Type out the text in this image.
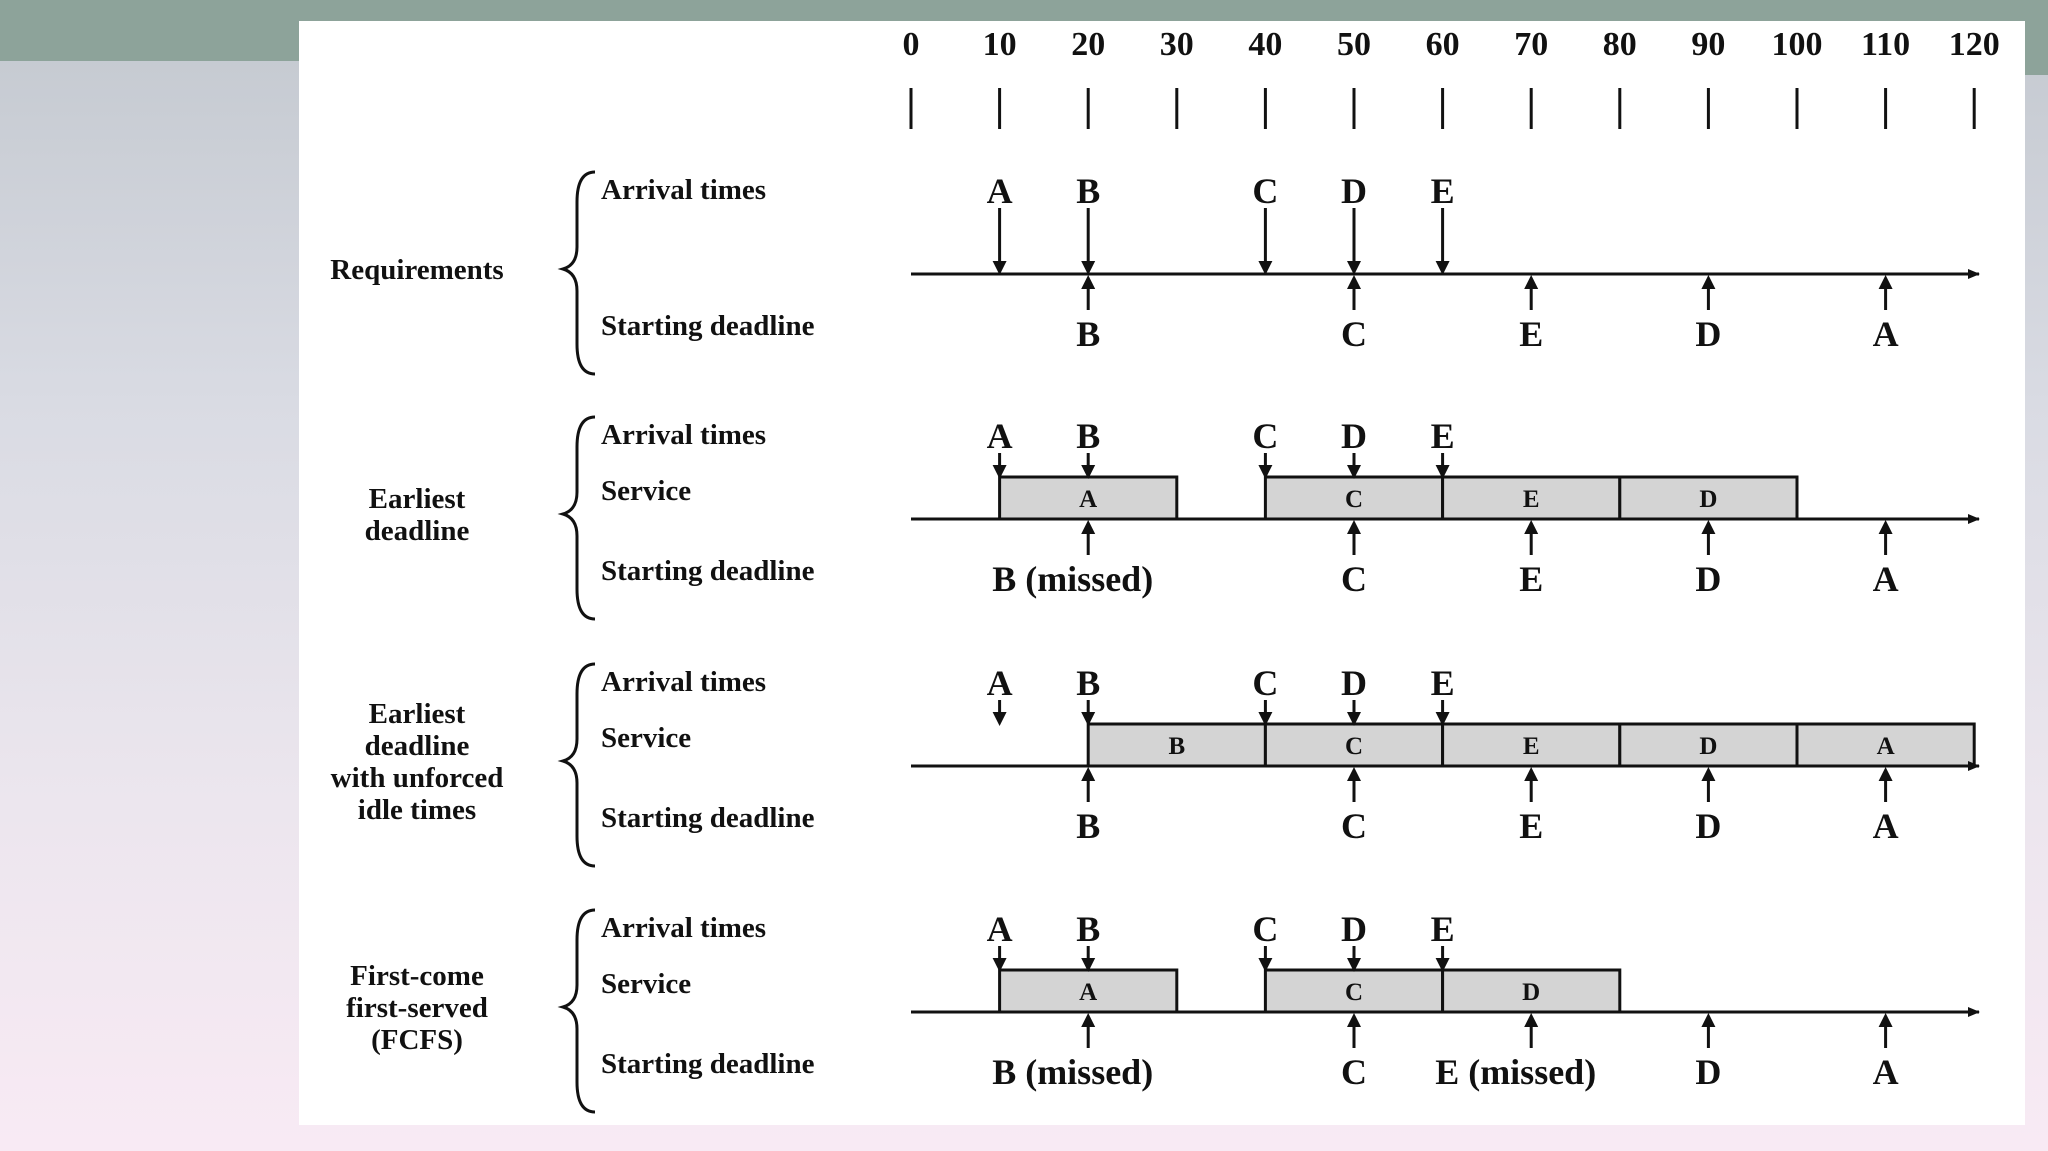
0 10 20 30 40 50 60 70 80 90 100 110 120
Requirements
Arrival times
Starting deadline
A B	C D E
B	C	E	D	A
Earliest
deadline
Arrival times
Service
Starting deadline
A	C	E	D
A B	C D E
B (missed)	C	E	D	A
Earliest
deadline
with unforced
idle times
Arrival times
Service
Starting deadline
B	C	E	D	A
A B	C D E
B	C	E	D	A
First-come
first-served
(FCFS)
Arrival times
Service
Starting deadline
A	C	D
A B	C D E
B (missed)	C E (missed)	D	A
